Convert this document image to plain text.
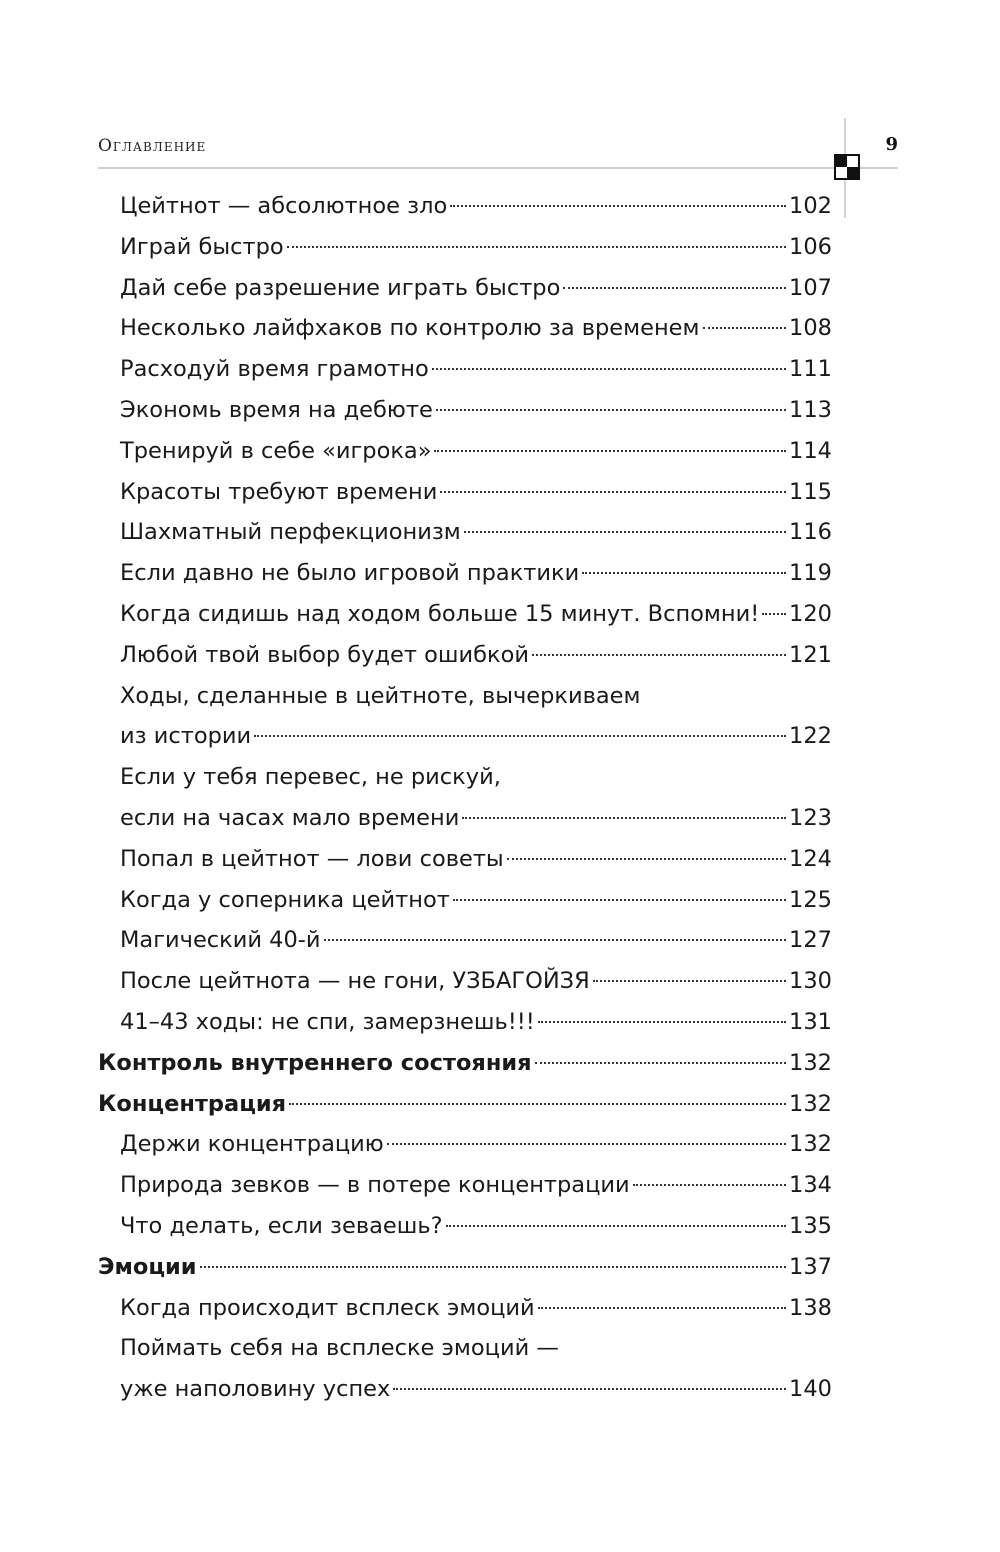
Оглавление	9
Цейтнот — абсолютное зло	102
Играй быстро	106
Дай себе разрешение играть быстро	107
Несколько лайфхаков по контролю за временем	108
Расходуй время грамотно	111
Экономь время на дебюте	113
Тренируй в себе «игрока»	114
Красоты требуют времени	115
Шахматный перфекционизм	116
Если давно не было игровой практики	119
Когда сидишь над ходом больше 15 минут. Вспомни! 120
Любой твой выбор будет ошибкой	121
Ходы, сделанные в цейтноте, вычеркиваем
из истории	122
Если у тебя перевес, не рискуй,
если на часах мало времени	123
Попал в цейтнот — лови советы	124
Когда у соперника цейтнот	125
Магический 40-й	127
После цейтнота — не гони, УЗБАГОЙЗЯ	130
41–43 ходы: не спи, замерзнешь!!!	131
Контроль внутреннего состояния	132
Концентрация	132
Держи концентрацию	132
Природа зевков — в потере концентрации	134
Что делать, если зеваешь?	135
Эмоции	137
Когда происходит всплеск эмоций	138
Поймать себя на всплеске эмоций —
уже наполовину успех	140
